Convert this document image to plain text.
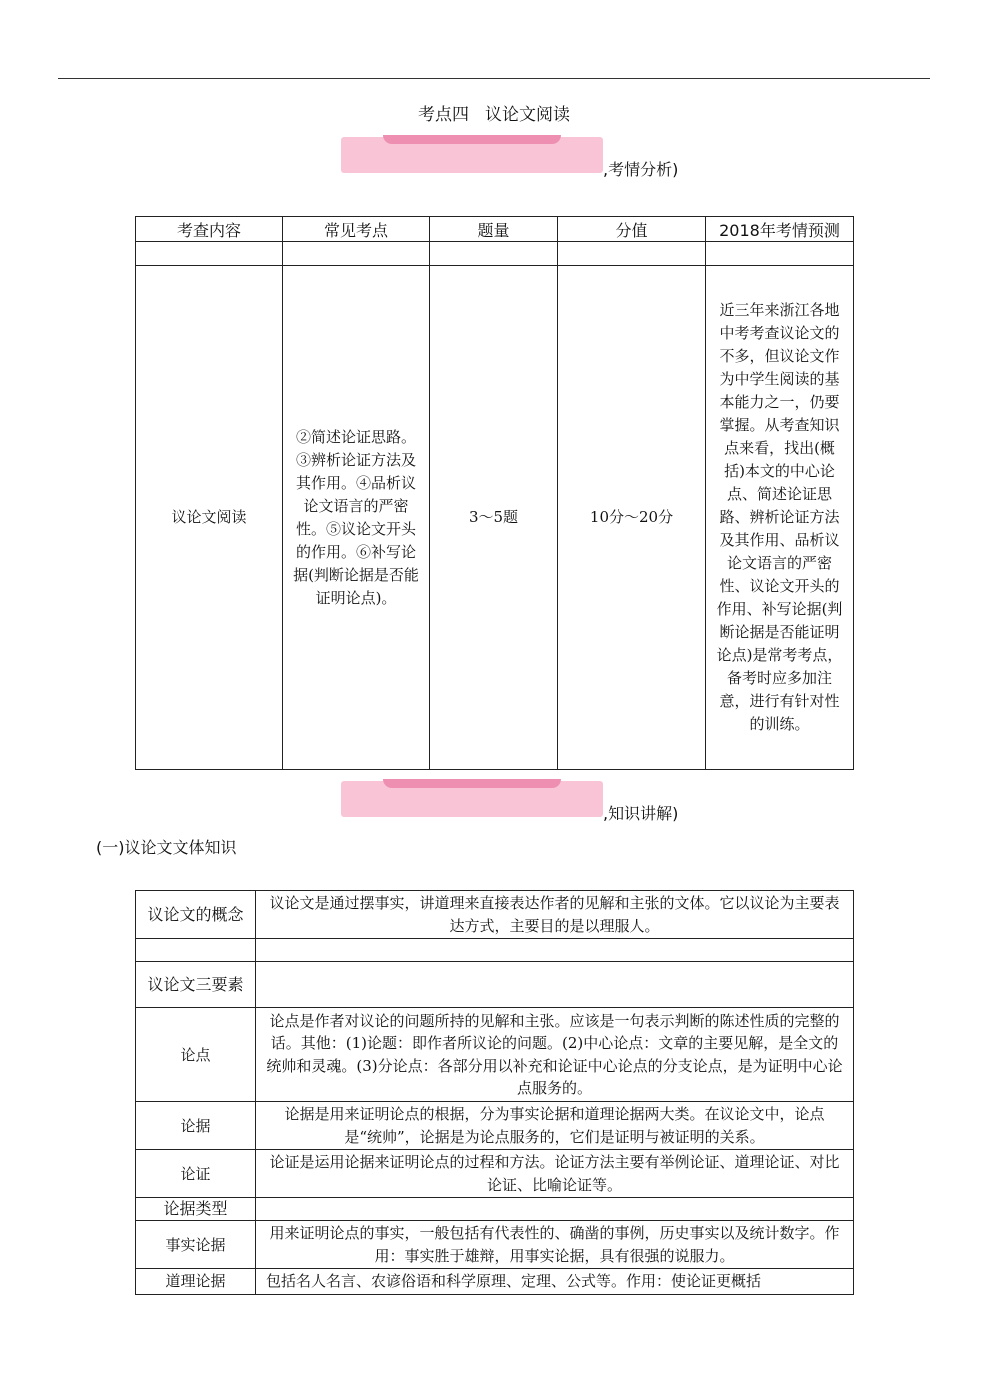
考点四 议论文阅读
,考情分析)
考查内容	常见考点	题量	分值	2018年考情预测

议论文阅读	②简述论证思路。③辨析论证方法及其作用。④品析议论文语言的严密性。⑤议论文开头的作用。⑥补写论据(判断论据是否能证明论点)。	3～5题	10分～20分	近三年来浙江各地中考考查议论文的不多，但议论文作为中学生阅读的基本能力之一，仍要掌握。从考查知识点来看，找出(概括)本文的中心论点、简述论证思路、辨析论证方法及其作用、品析议论文语言的严密性、议论文开头的作用、补写论据(判断论据是否能证明论点)是常考考点，备考时应多加注意，进行有针对性的训练。
,知识讲解)
(一)议论文文体知识
议论文的概念	议论文是通过摆事实，讲道理来直接表达作者的见解和主张的文体。它以议论为主要表达方式，主要目的是以理服人。

议论文三要素	
论点	论点是作者对议论的问题所持的见解和主张。应该是一句表示判断的陈述性质的完整的话。其他：(1)论题：即作者所议论的问题。(2)中心论点：文章的主要见解，是全文的统帅和灵魂。(3)分论点：各部分用以补充和论证中心论点的分支论点，是为证明中心论点服务的。
论据	论据是用来证明论点的根据，分为事实论据和道理论据两大类。在议论文中，论点是“统帅”，论据是为论点服务的，它们是证明与被证明的关系。
论证	论证是运用论据来证明论点的过程和方法。论证方法主要有举例论证、道理论证、对比论证、比喻论证等。
论据类型	
事实论据	用来证明论点的事实，一般包括有代表性的、确凿的事例，历史事实以及统计数字。作用：事实胜于雄辩，用事实论据，具有很强的说服力。
道理论据	包括名人名言、农谚俗语和科学原理、定理、公式等。作用：使论证更概括
